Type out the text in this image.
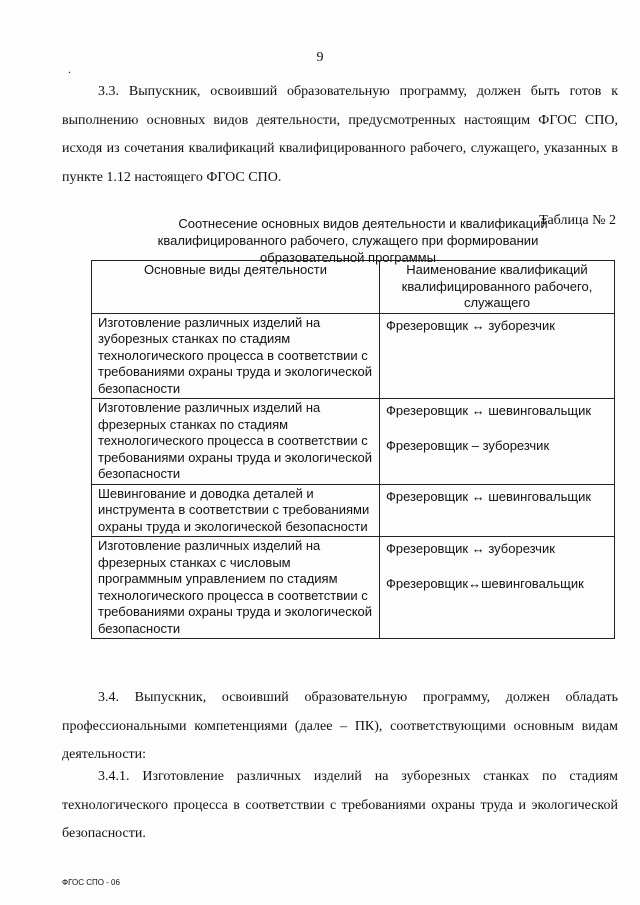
9
.

3.3. Выпускник, освоивший образовательную программу, должен быть готов к выполнению основных видов деятельности, предусмотренных настоящим ФГОС СПО, исходя из сочетания квалификаций квалифицированного рабочего, служащего, указанных в пункте 1.12 настоящего ФГОС СПО.

Таблица № 2
Соотнесение основных видов деятельности и квалификаций
квалифицированного рабочего, служащего при формировании
образовательной программы
Основные виды деятельности	Наименование квалификаций квалифицированного рабочего, служащего
Изготовление различных изделий на зуборезных станках по стадиям технологического процесса в соответствии с требованиями охраны труда и экологической безопасности	Фрезеровщик ↔ зуборезчик

Изготовление различных изделий на фрезерных станках по стадиям технологического процесса в соответствии с требованиями охраны труда и экологической безопасности	Фрезеровщик ↔ шевинговальщик
Фрезеровщик – зуборезчик

Шевингование и доводка деталей и инструмента в соответствии с требованиями охраны труда и экологической безопасности	Фрезеровщик ↔ шевинговальщик

Изготовление различных изделий на фрезерных станках с числовым программным управлением по стадиям технологического процесса в соответствии с требованиями охраны труда и экологической безопасности	Фрезеровщик ↔ зуборезчик
Фрезеровщик↔шевинговальщик

3.4. Выпускник, освоивший образовательную программу, должен обладать профессиональными компетенциями (далее – ПК), соответствующими основным видам деятельности:

3.4.1. Изготовление различных изделий на зуборезных станках по стадиям технологического процесса в соответствии с требованиями охраны труда и экологической безопасности.

ФГОС СПО - 06
